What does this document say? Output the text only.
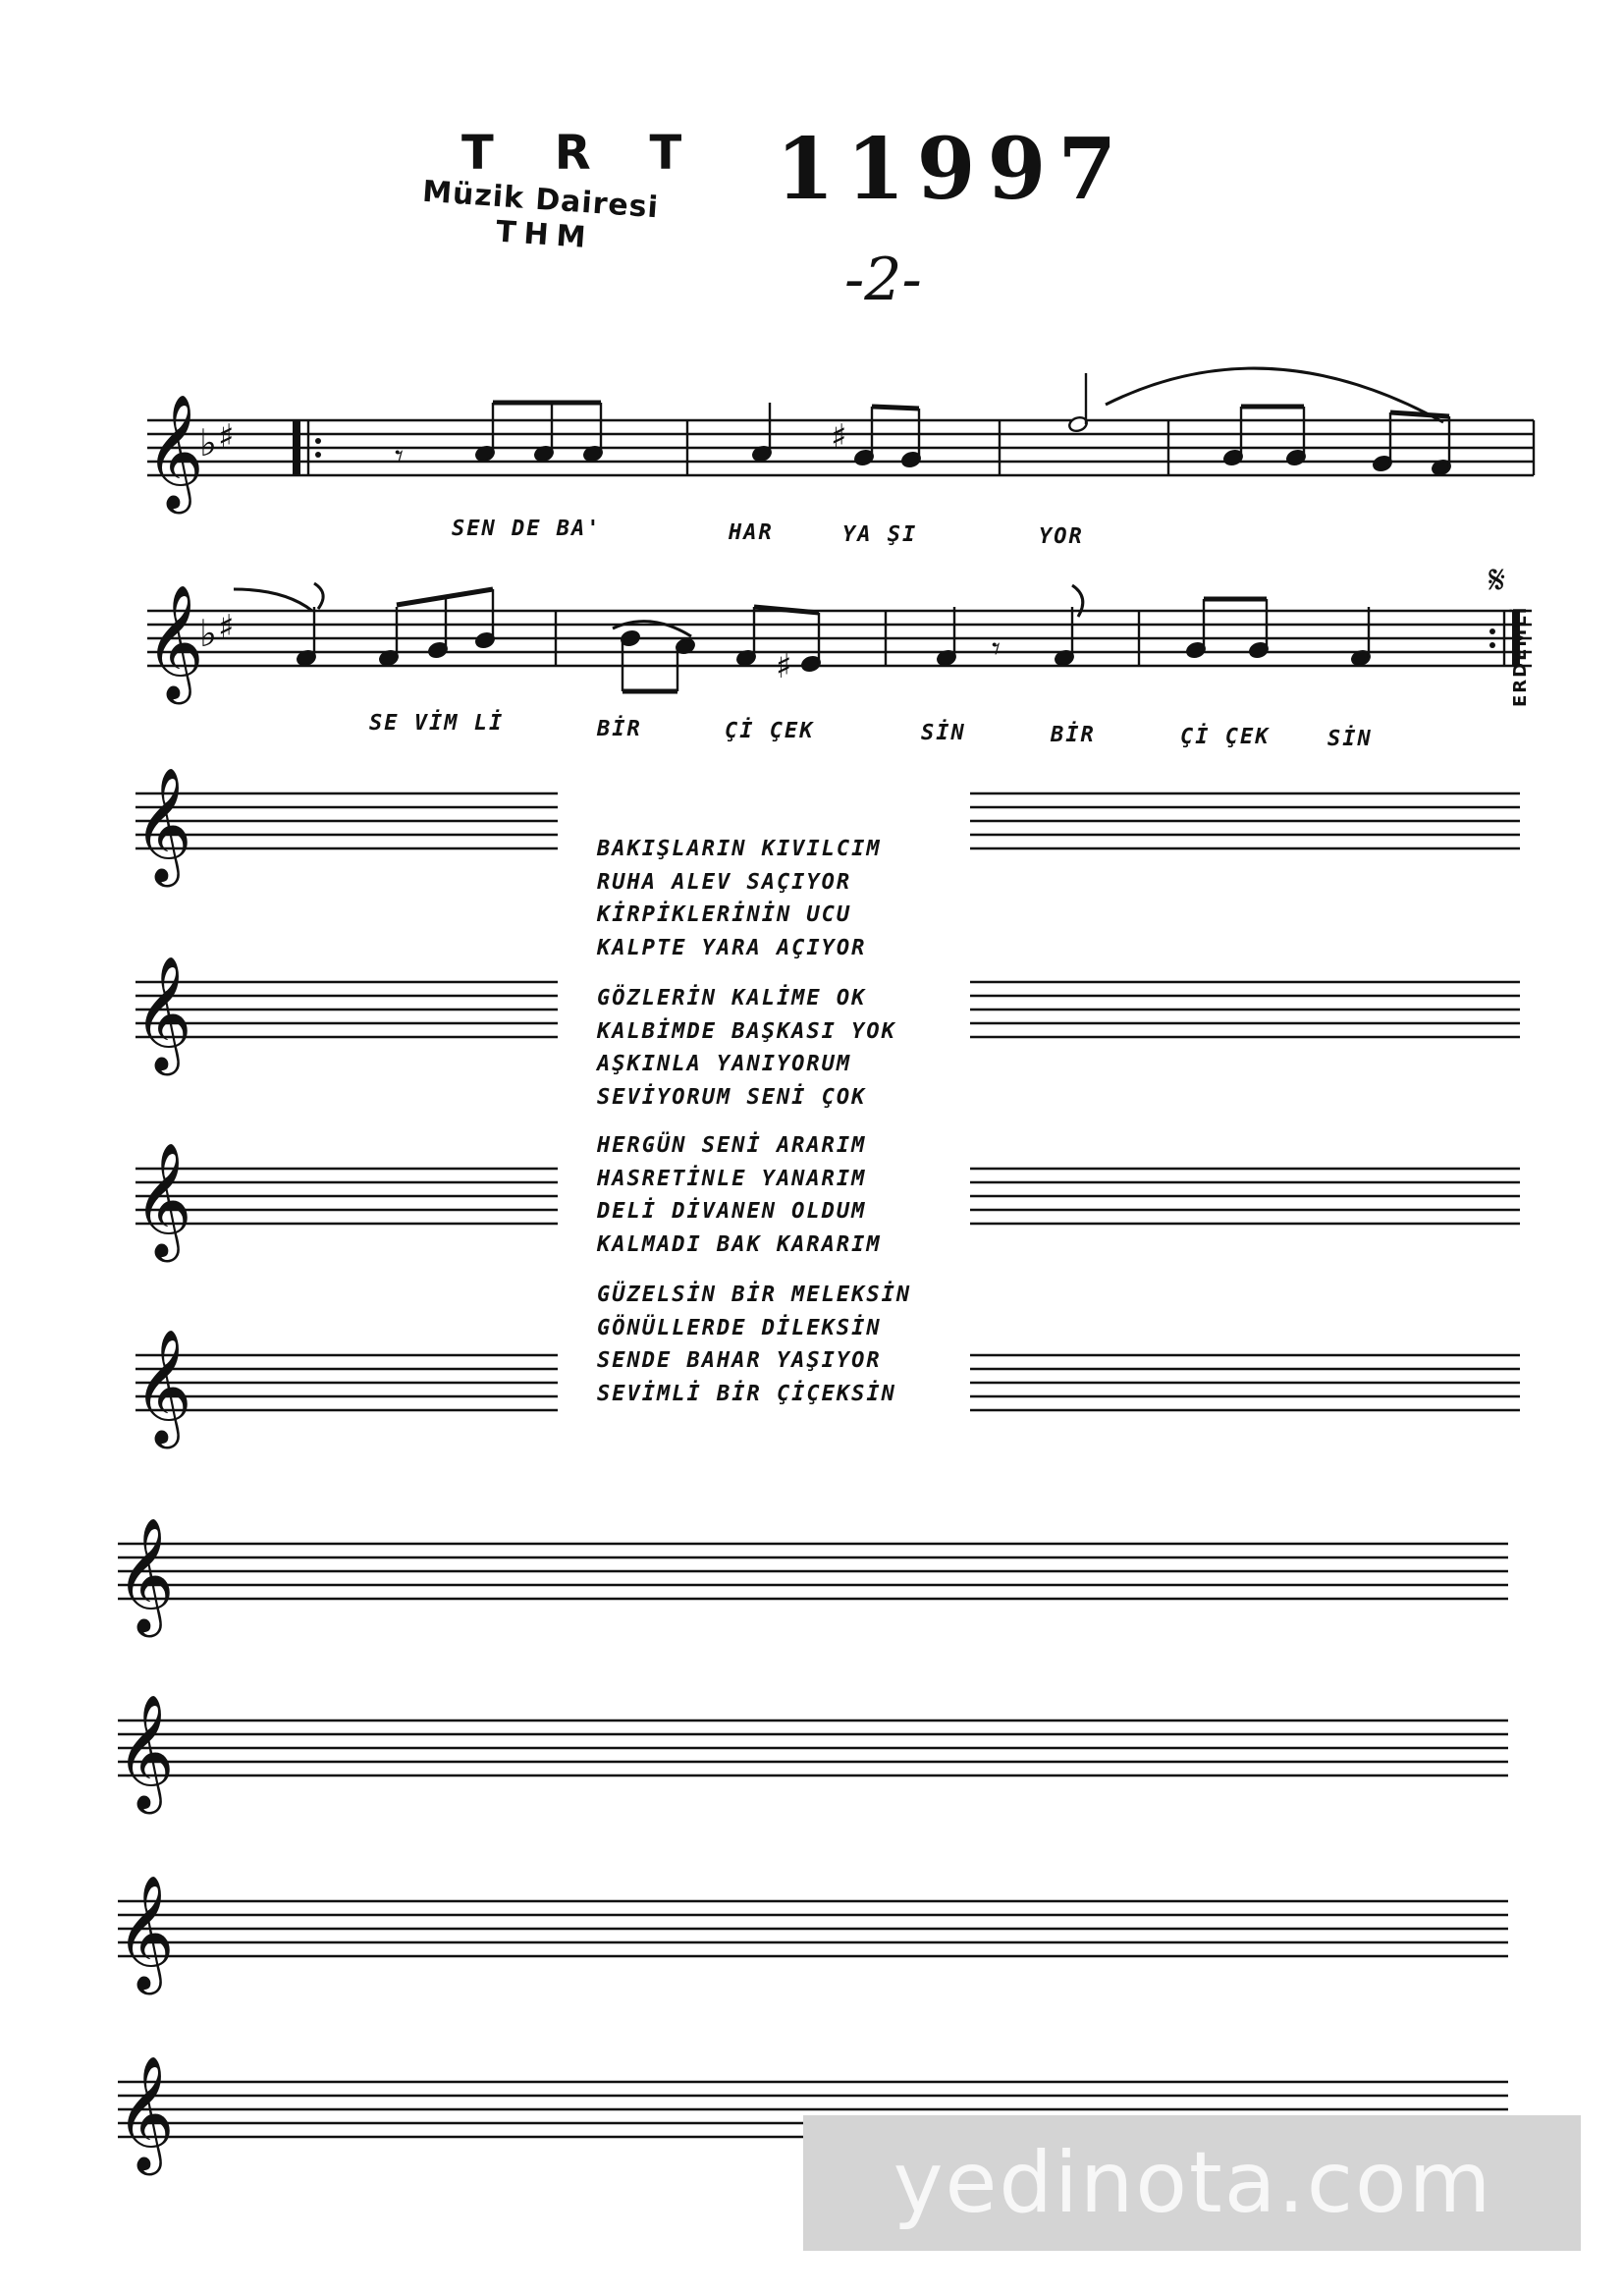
TRT
Müzik Dairesi
THM
11997
-2-
𝄞
♭ ♯	𝄾	♯
𝄞
♭ ♯
♯	𝄾
𝄋
𝄞
𝄞
𝄞
𝄞
𝄞
𝄞
𝄞
𝄞
SEN DE BA'	HAR	YA ŞI	YOR
SE VİM Lİ	BİR	Çİ ÇEK	SİN	BİR	Çİ ÇEK	SİN
ERDEMLİ
BAKIŞLARIN KIVILCIM
RUHA ALEV SAÇIYOR
KİRPİKLERİNİN UCU
KALPTE YARA AÇIYOR
GÖZLERİN KALİME OK
KALBİMDE BAŞKASI YOK
AŞKINLA YANIYORUM
SEVİYORUM SENİ ÇOK
HERGÜN SENİ ARARIM
HASRETİNLE YANARIM
DELİ DİVANEN OLDUM
KALMADI BAK KARARIM
GÜZELSİN BİR MELEKSİN
GÖNÜLLERDE DİLEKSİN
SENDE BAHAR YAŞIYOR
SEVİMLİ BİR ÇİÇEKSİN
yedinota.com
